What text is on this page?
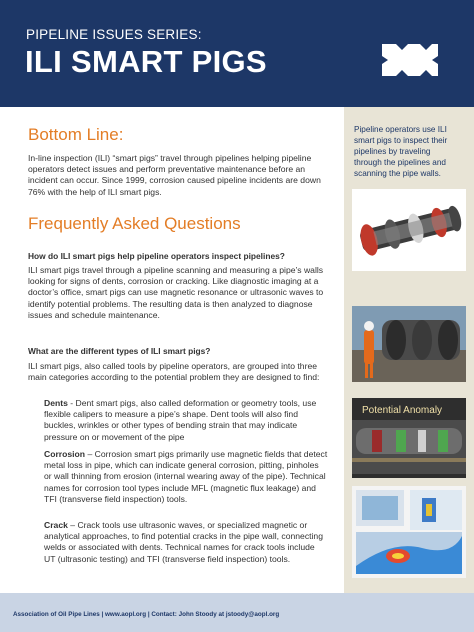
PIPELINE ISSUES SERIES:
ILI SMART PIGS
Bottom Line:

In-line inspection (ILI) “smart pigs” travel through pipelines helping pipeline operators detect issues and perform preventative maintenance before an incident can occur. Since 1999, corrosion caused pipeline incidents are down 76% with the help of ILI smart pigs.

Frequently Asked Questions

How do ILI smart pigs help pipeline operators inspect pipelines?

ILI smart pigs travel through a pipeline scanning and measuring a pipe’s walls looking for signs of dents, corrosion or cracking. Like diagnostic imaging at a doctor’s office, smart pigs can use magnetic resonance or ultrasonic waves to identify potential problems. The resulting data is then analyzed to diagnose issues and schedule maintenance.

What are the different types of ILI smart pigs?

ILI smart pigs, also called tools by pipeline operators, are grouped into three main categories according to the potential problem they are designed to find:

Dents - Dent smart pigs, also called deformation or geometry tools, use flexible calipers to measure a pipe’s shape. Dent tools will also find buckles, wrinkles or other types of bending strain that may indicate pressure on or movement of the pipe

Corrosion – Corrosion smart pigs primarily use magnetic fields that detect metal loss in pipe, which can indicate general corrosion, pitting, pinholes or wall thinning from erosion (internal wearing away of the pipe). Technical names for corrosion tool types include MFL (magnetic flux leakage) and TFI (transverse field inspection) tools.

Crack – Crack tools use ultrasonic waves, or specialized magnetic or analytical approaches, to find potential cracks in the pipe wall, connecting welds or associated with dents. Technical names for crack tools include UT (ultrasonic testing) and TFI (transverse field inspection) tools.

Pipeline operators use ILI smart pigs to inspect their pipelines by traveling through the pipelines and scanning the pipe walls.

Potential Anomaly
Association of Oil Pipe Lines | www.aopl.org | Contact: John Stoody at jstoody@aopl.org
